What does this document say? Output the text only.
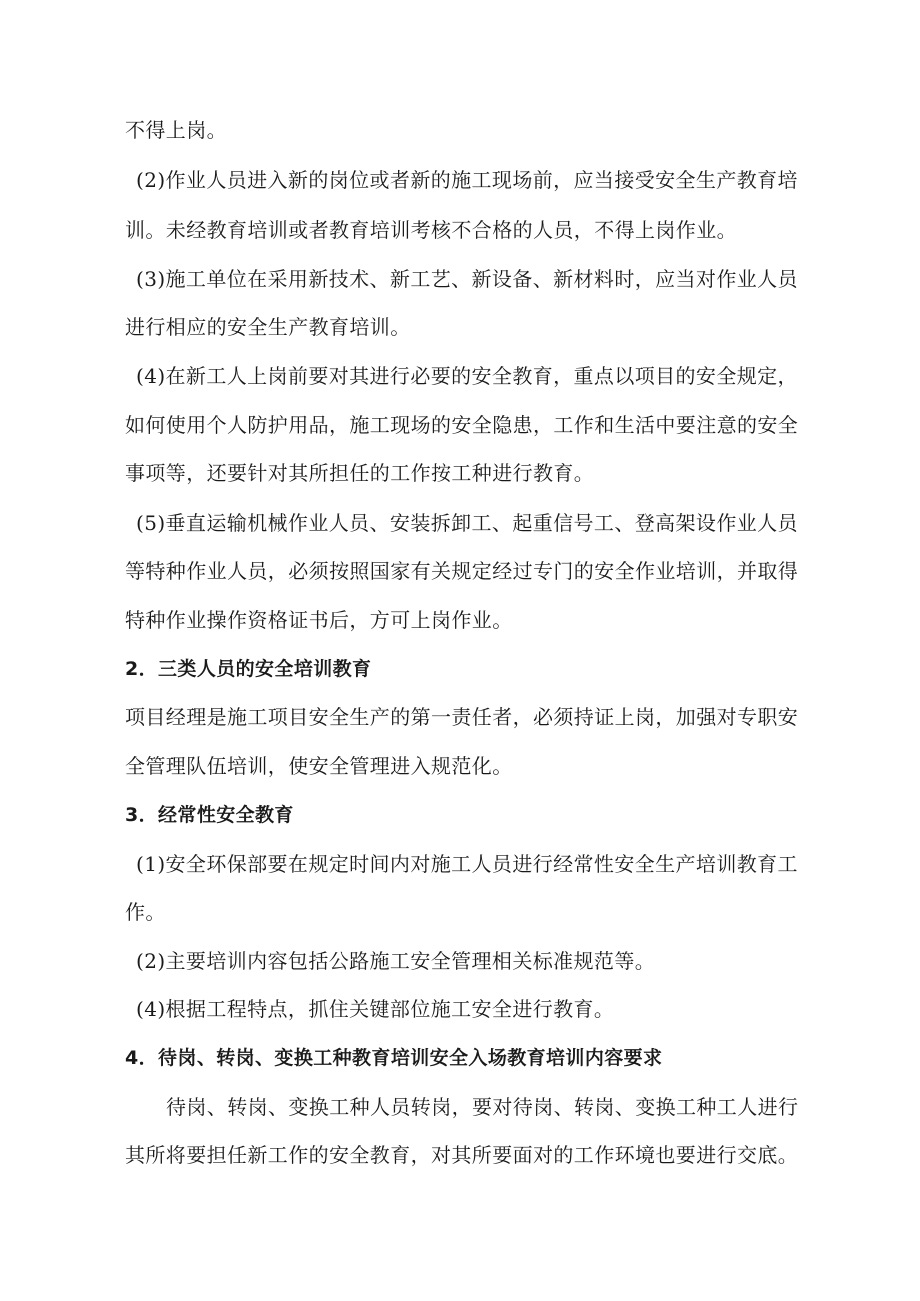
不得上岗。
(2)作业人员进入新的岗位或者新的施工现场前，应当接受安全生产教育培
训。未经教育培训或者教育培训考核不合格的人员，不得上岗作业。
(3)施工单位在采用新技术、新工艺、新设备、新材料时，应当对作业人员
进行相应的安全生产教育培训。
(4)在新工人上岗前要对其进行必要的安全教育，重点以项目的安全规定，
如何使用个人防护用品，施工现场的安全隐患，工作和生活中要注意的安全
事项等，还要针对其所担任的工作按工种进行教育。
(5)垂直运输机械作业人员、安装拆卸工、起重信号工、登高架设作业人员
等特种作业人员，必须按照国家有关规定经过专门的安全作业培训，并取得
特种作业操作资格证书后，方可上岗作业。
2．三类人员的安全培训教育
项目经理是施工项目安全生产的第一责任者，必须持证上岗，加强对专职安
全管理队伍培训，使安全管理进入规范化。
3．经常性安全教育
(1)安全环保部要在规定时间内对施工人员进行经常性安全生产培训教育工
作。
(2)主要培训内容包括公路施工安全管理相关标准规范等。
(4)根据工程特点，抓住关键部位施工安全进行教育。
4．待岗、转岗、变换工种教育培训安全入场教育培训内容要求
待岗、转岗、变换工种人员转岗，要对待岗、转岗、变换工种工人进行
其所将要担任新工作的安全教育，对其所要面对的工作环境也要进行交底。
